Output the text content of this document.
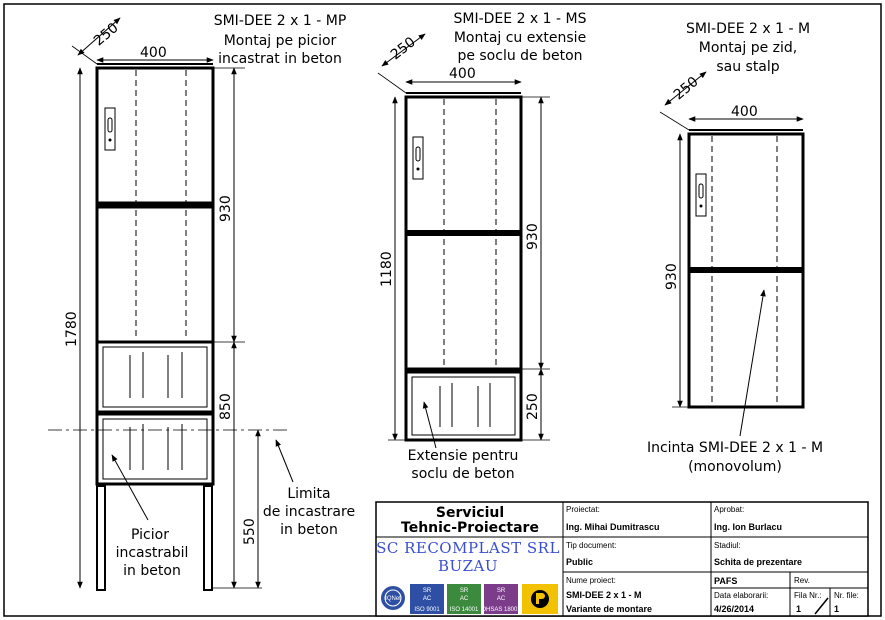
250
400
1780
930
850
550
SMI-DEE 2 x 1 - MP
Montaj pe picior
incastrat in beton
Limita
de incastrare
in beton
Picior
incastrabil
in beton
250
400
1180
930
250
SMI-DEE 2 x 1 - MS
Montaj cu extensie
pe soclu de beton
Extensie pentru
soclu de beton
250
400
930
SMI-DEE 2 x 1 - M
Montaj pe zid,
sau stalp
Incinta SMI-DEE 2 x 1 - M
(monovolum)
Serviciul
Tehnic-Proiectare
SC RECOMPLAST SRL
BUZAU
IQNet
SR
AC
ISO 9001
SR
AC
ISO 14001
SR
AC
OHSAS 18001
Proiectat:
Ing. Mihai Dumitrascu
Aprobat:
Ing. Ion Burlacu
Tip document:
Public
Stadiul:
Schita de prezentare
Nume proiect:
SMI-DEE 2 x 1 - M
Variante de montare
PAFS	Rev.
Data elaborarii:
4/26/2014
Fila Nr.: Nr. file:
1	1
